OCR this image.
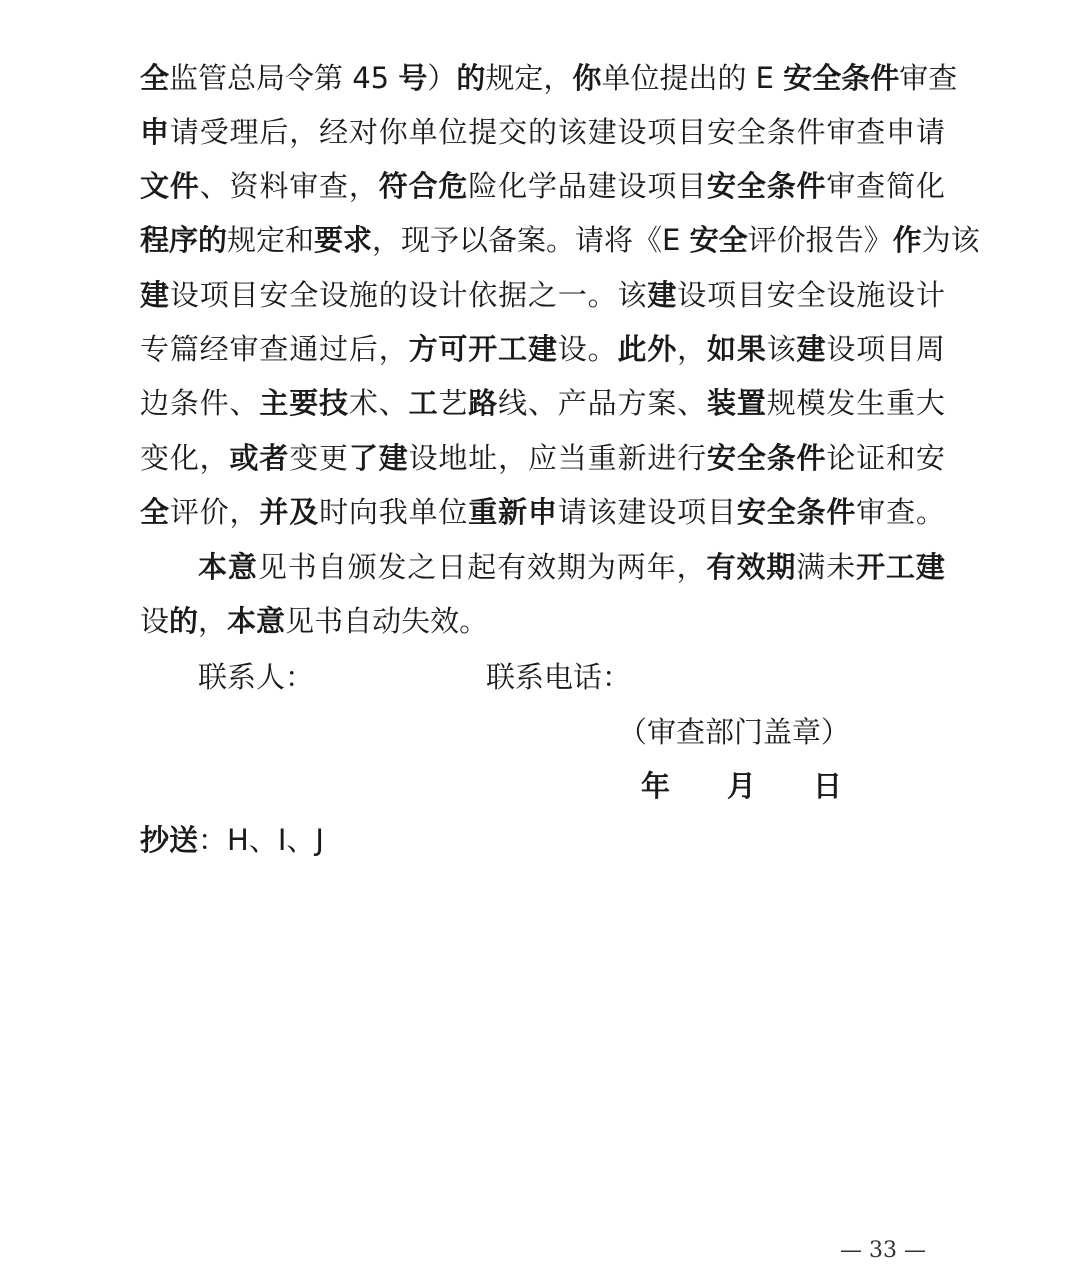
全监管总局令第 45 号）的规定，你单位提出的 E 安全条件审查
申请受理后，经对你单位提交的该建设项目安全条件审查申请
文件、资料审查，符合危险化学品建设项目安全条件审查简化
程序的规定和要求，现予以备案。请将《E 安全评价报告》作为该
建设项目安全设施的设计依据之一。该建设项目安全设施设计
专篇经审查通过后，方可开工建设。此外，如果该建设项目周
边条件、主要技术、工艺路线、产品方案、装置规模发生重大
变化，或者变更了建设地址，应当重新进行安全条件论证和安
全评价，并及时向我单位重新申请该建设项目安全条件审查。
本意见书自颁发之日起有效期为两年，有效期满未开工建
设的，本意见书自动失效。
联系人：	联系电话：
（审查部门盖章）
年 月 日
抄送：H、I、J
— 33 —
